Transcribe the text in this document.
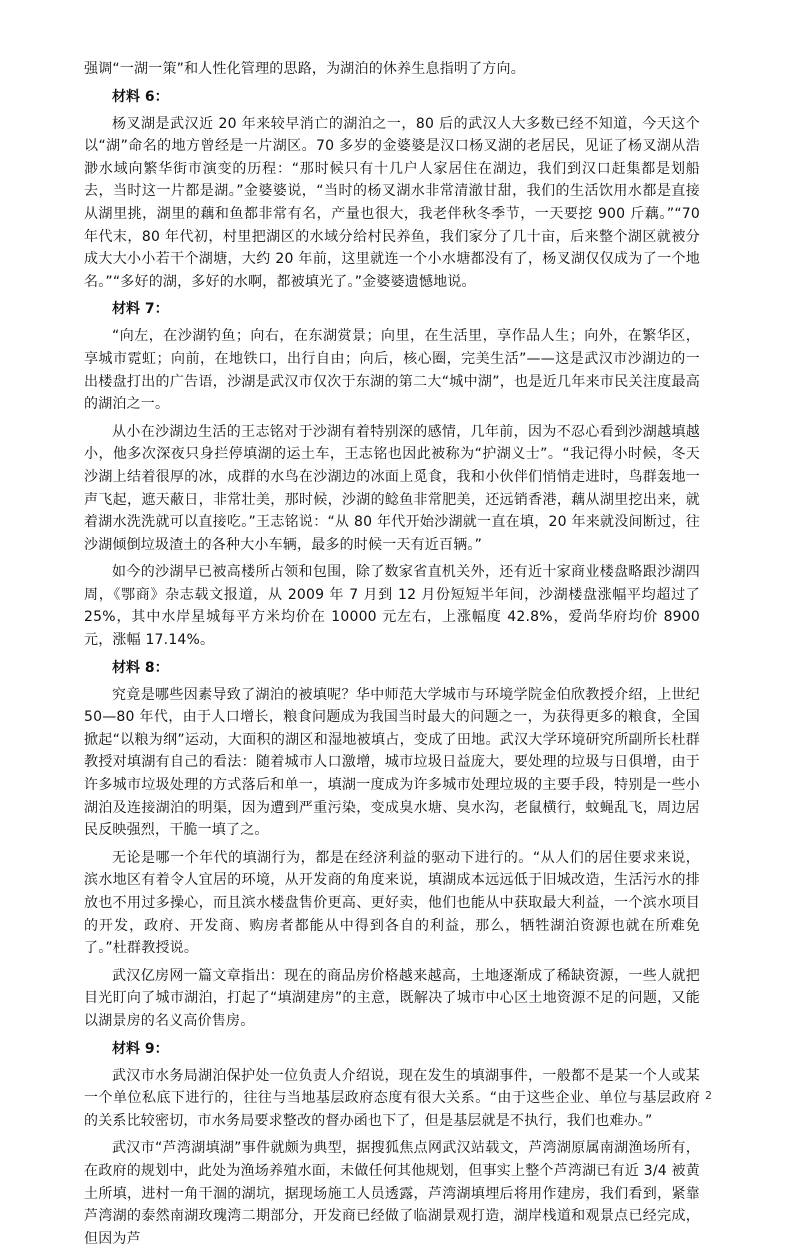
强调“一湖一策”和人性化管理的思路，为湖泊的休养生息指明了方向。

材料 6：

杨叉湖是武汉近 20 年来较早消亡的湖泊之一，80 后的武汉人大多数已经不知道，今天这个以“湖”命名的地方曾经是一片湖区。70 多岁的金婆婆是汉口杨叉湖的老居民，见证了杨叉湖从浩渺水域向繁华街市演变的历程：“那时候只有十几户人家居住在湖边，我们到汉口赶集都是划船去，当时这一片都是湖。”金婆婆说，“当时的杨叉湖水非常清澈甘甜，我们的生活饮用水都是直接从湖里挑，湖里的藕和鱼都非常有名，产量也很大，我老伴秋冬季节，一天要挖 900 斤藕。”“70 年代末，80 年代初，村里把湖区的水域分给村民养鱼，我们家分了几十亩，后来整个湖区就被分成大大小小若干个湖塘，大约 20 年前，这里就连一个小水塘都没有了，杨叉湖仅仅成为了一个地名。”“多好的湖，多好的水啊，都被填光了。”金婆婆遗憾地说。

材料 7：

“向左，在沙湖钓鱼；向右，在东湖赏景；向里，在生活里，享作品人生；向外，在繁华区，享城市霓虹；向前，在地铁口，出行自由；向后，核心圈，完美生活”——这是武汉市沙湖边的一出楼盘打出的广告语，沙湖是武汉市仅次于东湖的第二大“城中湖”，也是近几年来市民关注度最高的湖泊之一。

从小在沙湖边生活的王志铭对于沙湖有着特别深的感情，几年前，因为不忍心看到沙湖越填越小，他多次深夜只身拦停填湖的运土车，王志铭也因此被称为“护湖义士”。“我记得小时候，冬天沙湖上结着很厚的冰，成群的水鸟在沙湖边的冰面上觅食，我和小伙伴们悄悄走进时，鸟群轰地一声飞起，遮天蔽日，非常壮美，那时候，沙湖的鲶鱼非常肥美，还远销香港，藕从湖里挖出来，就着湖水洗洗就可以直接吃。”王志铭说：“从 80 年代开始沙湖就一直在填，20 年来就没间断过，往沙湖倾倒垃圾渣土的各种大小车辆，最多的时候一天有近百辆。”

如今的沙湖早已被高楼所占领和包围，除了数家省直机关外，还有近十家商业楼盘略跟沙湖四周，《鄂商》杂志载文报道，从 2009 年 7 月到 12 月份短短半年间，沙湖楼盘涨幅平均超过了 25%，其中水岸星城每平方米均价在 10000 元左右，上涨幅度 42.8%，爱尚华府均价 8900 元，涨幅 17.14%。

材料 8：

究竟是哪些因素导致了湖泊的被填呢？华中师范大学城市与环境学院金伯欣教授介绍，上世纪 50—80 年代，由于人口增长，粮食问题成为我国当时最大的问题之一，为获得更多的粮食，全国掀起“以粮为纲”运动，大面积的湖区和湿地被填占，变成了田地。武汉大学环境研究所副所长杜群教授对填湖有自己的看法：随着城市人口激增，城市垃圾日益庞大，要处理的垃圾与日俱增，由于许多城市垃圾处理的方式落后和单一，填湖一度成为许多城市处理垃圾的主要手段，特别是一些小湖泊及连接湖泊的明渠，因为遭到严重污染，变成臭水塘、臭水沟，老鼠横行，蚊蝇乱飞，周边居民反映强烈，干脆一填了之。

无论是哪一个年代的填湖行为，都是在经济利益的驱动下进行的。“从人们的居住要求来说，滨水地区有着令人宜居的环境，从开发商的角度来说，填湖成本远远低于旧城改造，生活污水的排放也不用过多操心，而且滨水楼盘售价更高、更好卖，他们也能从中获取最大利益，一个滨水项目的开发，政府、开发商、购房者都能从中得到各自的利益，那么，牺牲湖泊资源也就在所难免了。”杜群教授说。

武汉亿房网一篇文章指出：现在的商品房价格越来越高，土地逐渐成了稀缺资源，一些人就把目光盯向了城市湖泊，打起了“填湖建房”的主意，既解决了城市中心区土地资源不足的问题，又能以湖景房的名义高价售房。

材料 9：

武汉市水务局湖泊保护处一位负责人介绍说，现在发生的填湖事件，一般都不是某一个人或某一个单位私底下进行的，往往与当地基层政府态度有很大关系。“由于这些企业、单位与基层政府的关系比较密切，市水务局要求整改的督办函也下了，但是基层就是不执行，我们也难办。”

武汉市“芦湾湖填湖”事件就颇为典型，据搜狐焦点网武汉站载文，芦湾湖原属南湖渔场所有，在政府的规划中，此处为渔场养殖水面，未做任何其他规划，但事实上整个芦湾湖已有近 3/4 被黄土所填，进村一角干涸的湖坑，据现场施工人员透露，芦湾湖填埋后将用作建房，我们看到，紧靠芦湾湖的泰然南湖玫瑰湾二期部分，开发商已经做了临湖景观打造，湖岸栈道和观景点已经完成，但因为芦

2
